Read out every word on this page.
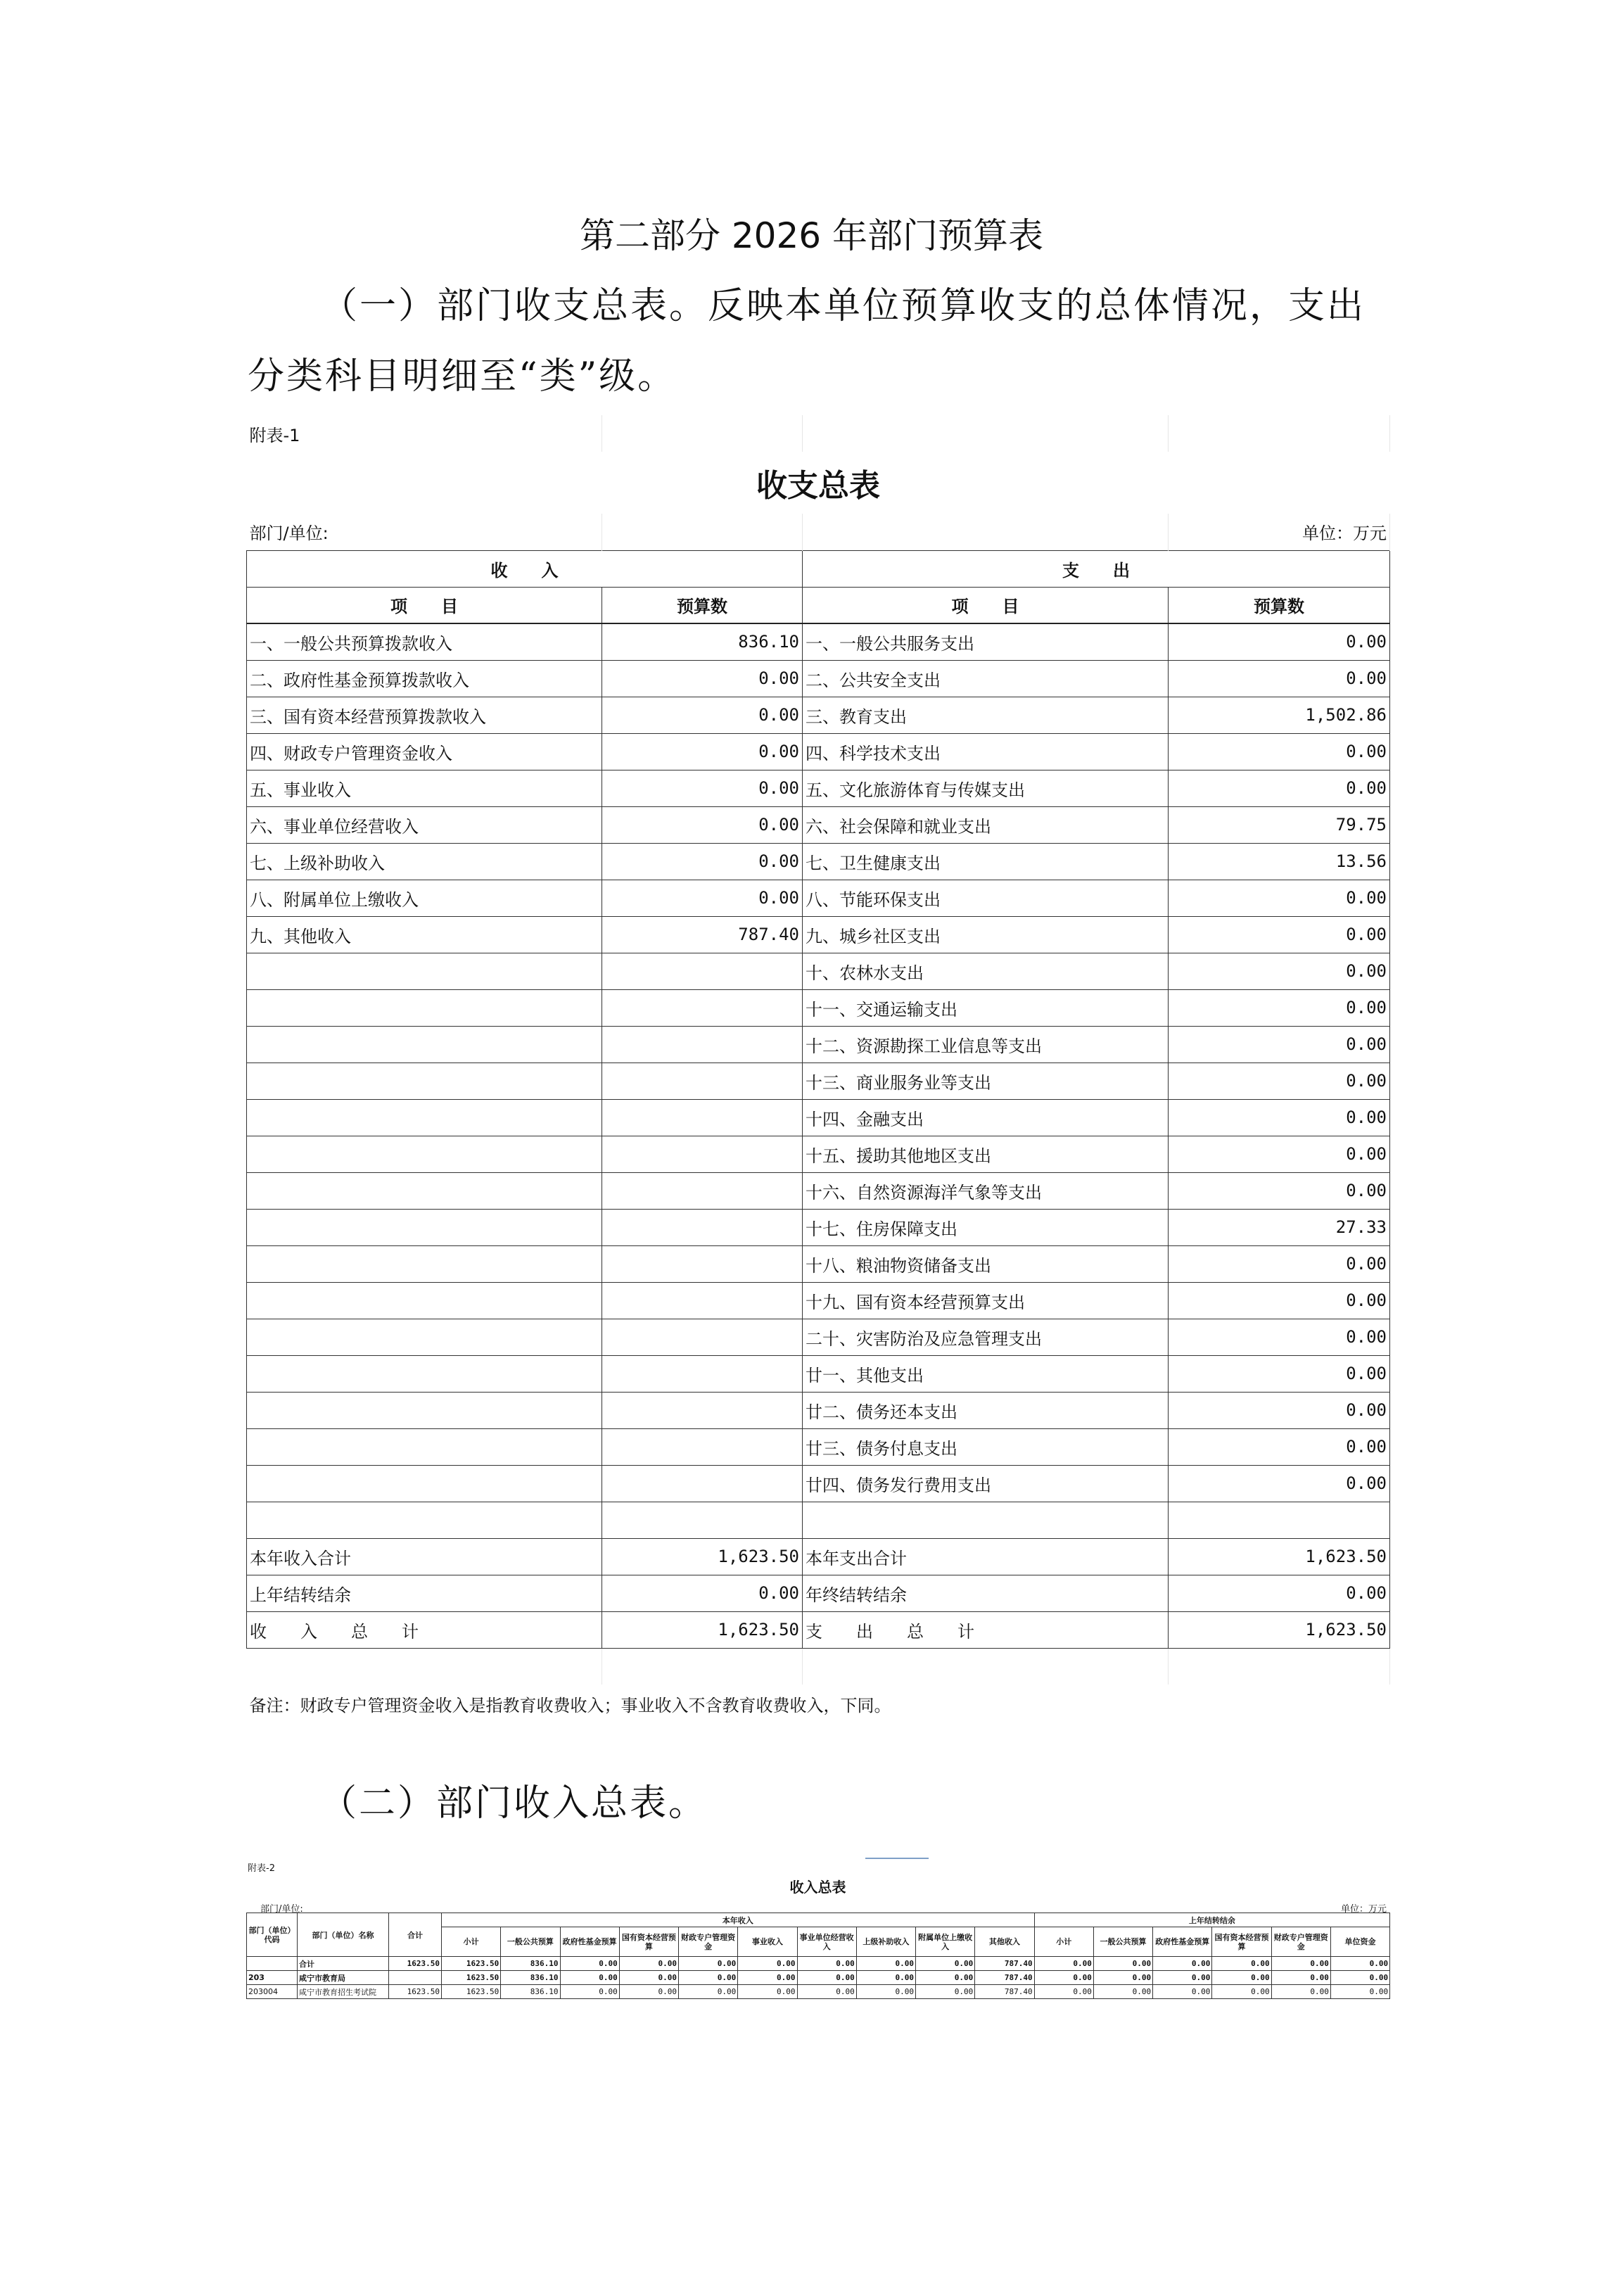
第二部分 2026 年部门预算表
（一）部门收支总表。反映本单位预算收支的总体情况，支出分类科目明细至“类”级。
附表-1			
收支总表			
部门/单位:			单位：万元
收　　入		支　　出	
项　　目	预算数	项　　目	预算数
一、一般公共预算拨款收入	836.10	一、一般公共服务支出	0.00
二、政府性基金预算拨款收入	0.00	二、公共安全支出	0.00
三、国有资本经营预算拨款收入	0.00	三、教育支出	1,502.86
四、财政专户管理资金收入	0.00	四、科学技术支出	0.00
五、事业收入	0.00	五、文化旅游体育与传媒支出	0.00
六、事业单位经营收入	0.00	六、社会保障和就业支出	79.75
七、上级补助收入	0.00	七、卫生健康支出	13.56
八、附属单位上缴收入	0.00	八、节能环保支出	0.00
九、其他收入	787.40	九、城乡社区支出	0.00
		十、农林水支出	0.00
		十一、交通运输支出	0.00
		十二、资源勘探工业信息等支出	0.00
		十三、商业服务业等支出	0.00
		十四、金融支出	0.00
		十五、援助其他地区支出	0.00
		十六、自然资源海洋气象等支出	0.00
		十七、住房保障支出	27.33
		十八、粮油物资储备支出	0.00
		十九、国有资本经营预算支出	0.00
		二十、灾害防治及应急管理支出	0.00
		廿一、其他支出	0.00
		廿二、债务还本支出	0.00
		廿三、债务付息支出	0.00
		廿四、债务发行费用支出	0.00

本年收入合计	1,623.50	本年支出合计	1,623.50
上年结转结余	0.00	年终结转结余	0.00
收　　入　　总　　计	1,623.50	支　　出　　总　　计	1,623.50

备注：财政专户管理资金收入是指教育收费收入；事业收入不含教育收费收入，下同。			
（二）部门收入总表。
附表-2
收入总表
部门/单位:	单位：万元
部门（单位）代码	部门（单位）名称	合计	本年收入										上年结转结余					
			小计	一般公共预算	政府性基金预算	国有资本经营预算	财政专户管理资金	事业收入	事业单位经营收入	上级补助收入	附属单位上缴收入	其他收入	小计	一般公共预算	政府性基金预算	国有资本经营预算	财政专户管理资金	单位资金
	合计	1623.50	1623.50	836.10	0.00	0.00	0.00	0.00	0.00	0.00	0.00	787.40	0.00	0.00	0.00	0.00	0.00	0.00
203	咸宁市教育局		1623.50	836.10	0.00	0.00	0.00	0.00	0.00	0.00	0.00	787.40	0.00	0.00	0.00	0.00	0.00	0.00
203004	咸宁市教育招生考试院	1623.50	1623.50	836.10	0.00	0.00	0.00	0.00	0.00	0.00	0.00	787.40	0.00	0.00	0.00	0.00	0.00	0.00
